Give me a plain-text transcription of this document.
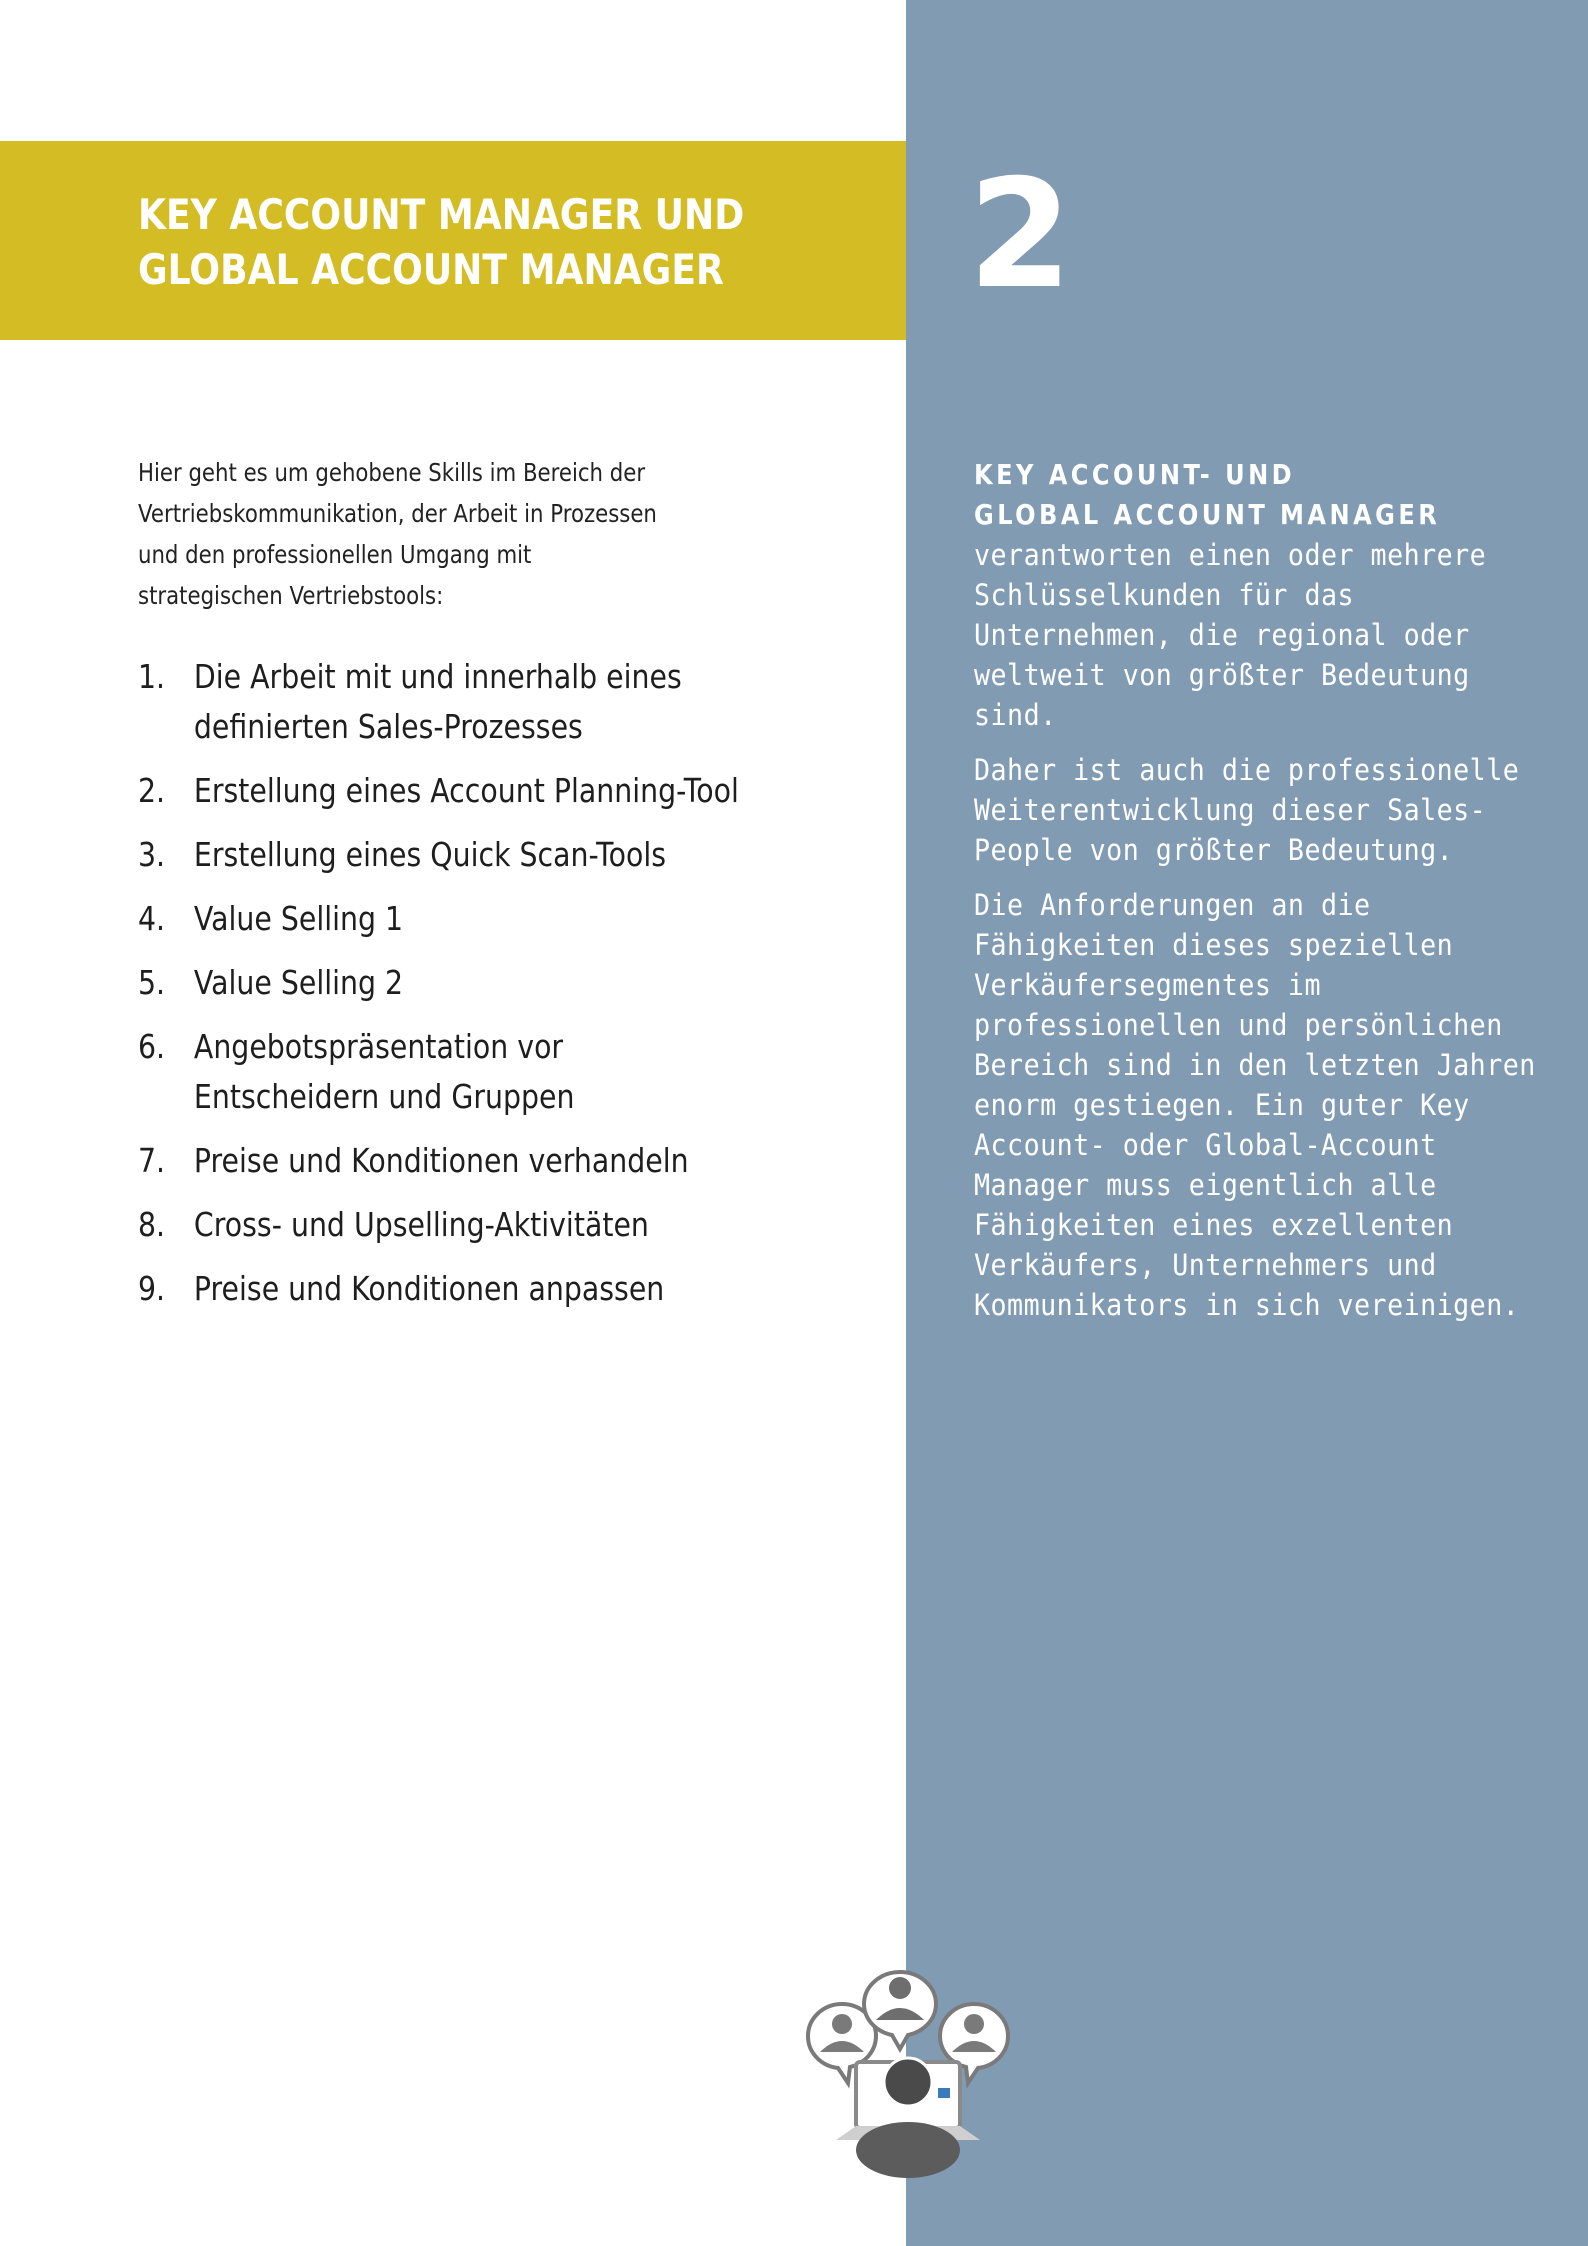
KEY ACCOUNT MANAGER UND
GLOBAL ACCOUNT MANAGER 2

Hier geht es um gehobene Skills im Bereich der Vertriebskommunikation, der Arbeit in Prozessen und den professionellen Umgang mit strategischen Vertriebstools:

1. Die Arbeit mit und innerhalb eines definierten Sales-Prozesses
2. Erstellung eines Account Planning-Tool
3. Erstellung eines Quick Scan-Tools
4. Value Selling 1
5. Value Selling 2
6. Angebotspräsentation vor Entscheidern und Gruppen
7. Preise und Konditionen verhandeln
8. Cross- und Upselling-Aktivitäten
9. Preise und Konditionen anpassen
KEY ACCOUNT- UND
GLOBAL ACCOUNT MANAGER

verantworten einen oder mehrere Schlüsselkunden für das Unternehmen, die regional oder weltweit von größter Bedeutung sind.

Daher ist auch die professionelle Weiterentwicklung dieser Sales-People von größter Bedeutung.

Die Anforderungen an die Fähigkeiten dieses speziellen Verkäufersegmentes im professionellen und persönlichen Bereich sind in den letzten Jahren enorm gestiegen. Ein guter Key Account- oder Global-Account Manager muss eigentlich alle Fähigkeiten eines exzellenten Verkäufers, Unternehmers und Kommunikators in sich vereinigen.
